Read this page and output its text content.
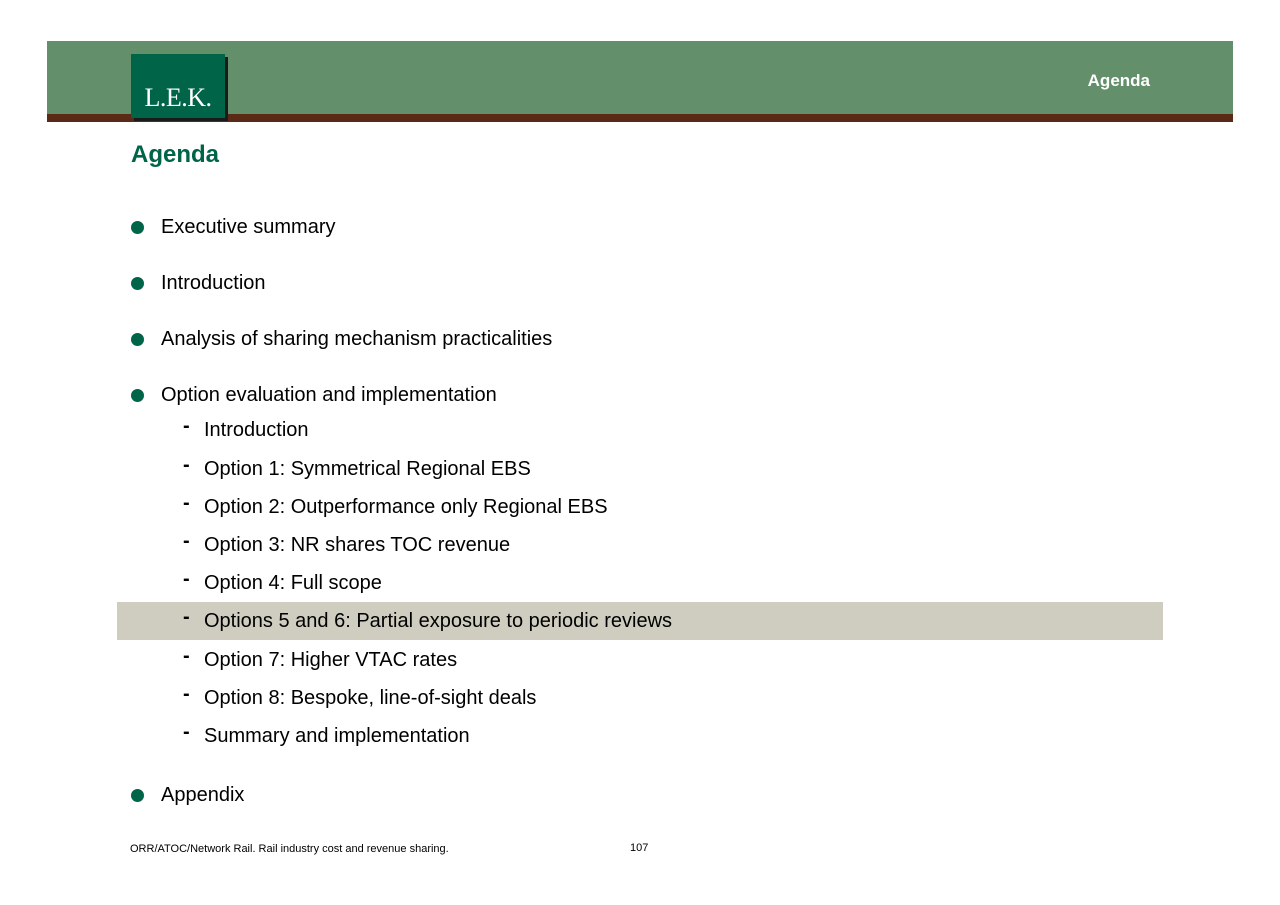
L.E.K.
Agenda
Agenda
Executive summary
Introduction
Analysis of sharing mechanism practicalities
Option evaluation and implementation
- Introduction
- Option 1: Symmetrical Regional EBS
- Option 2: Outperformance only Regional EBS
- Option 3: NR shares TOC revenue
- Option 4: Full scope
- Options 5 and 6: Partial exposure to periodic reviews
- Option 7: Higher VTAC rates
- Option 8: Bespoke, line-of-sight deals
- Summary and implementation
Appendix
ORR/ATOC/Network Rail. Rail industry cost and revenue sharing.	107
